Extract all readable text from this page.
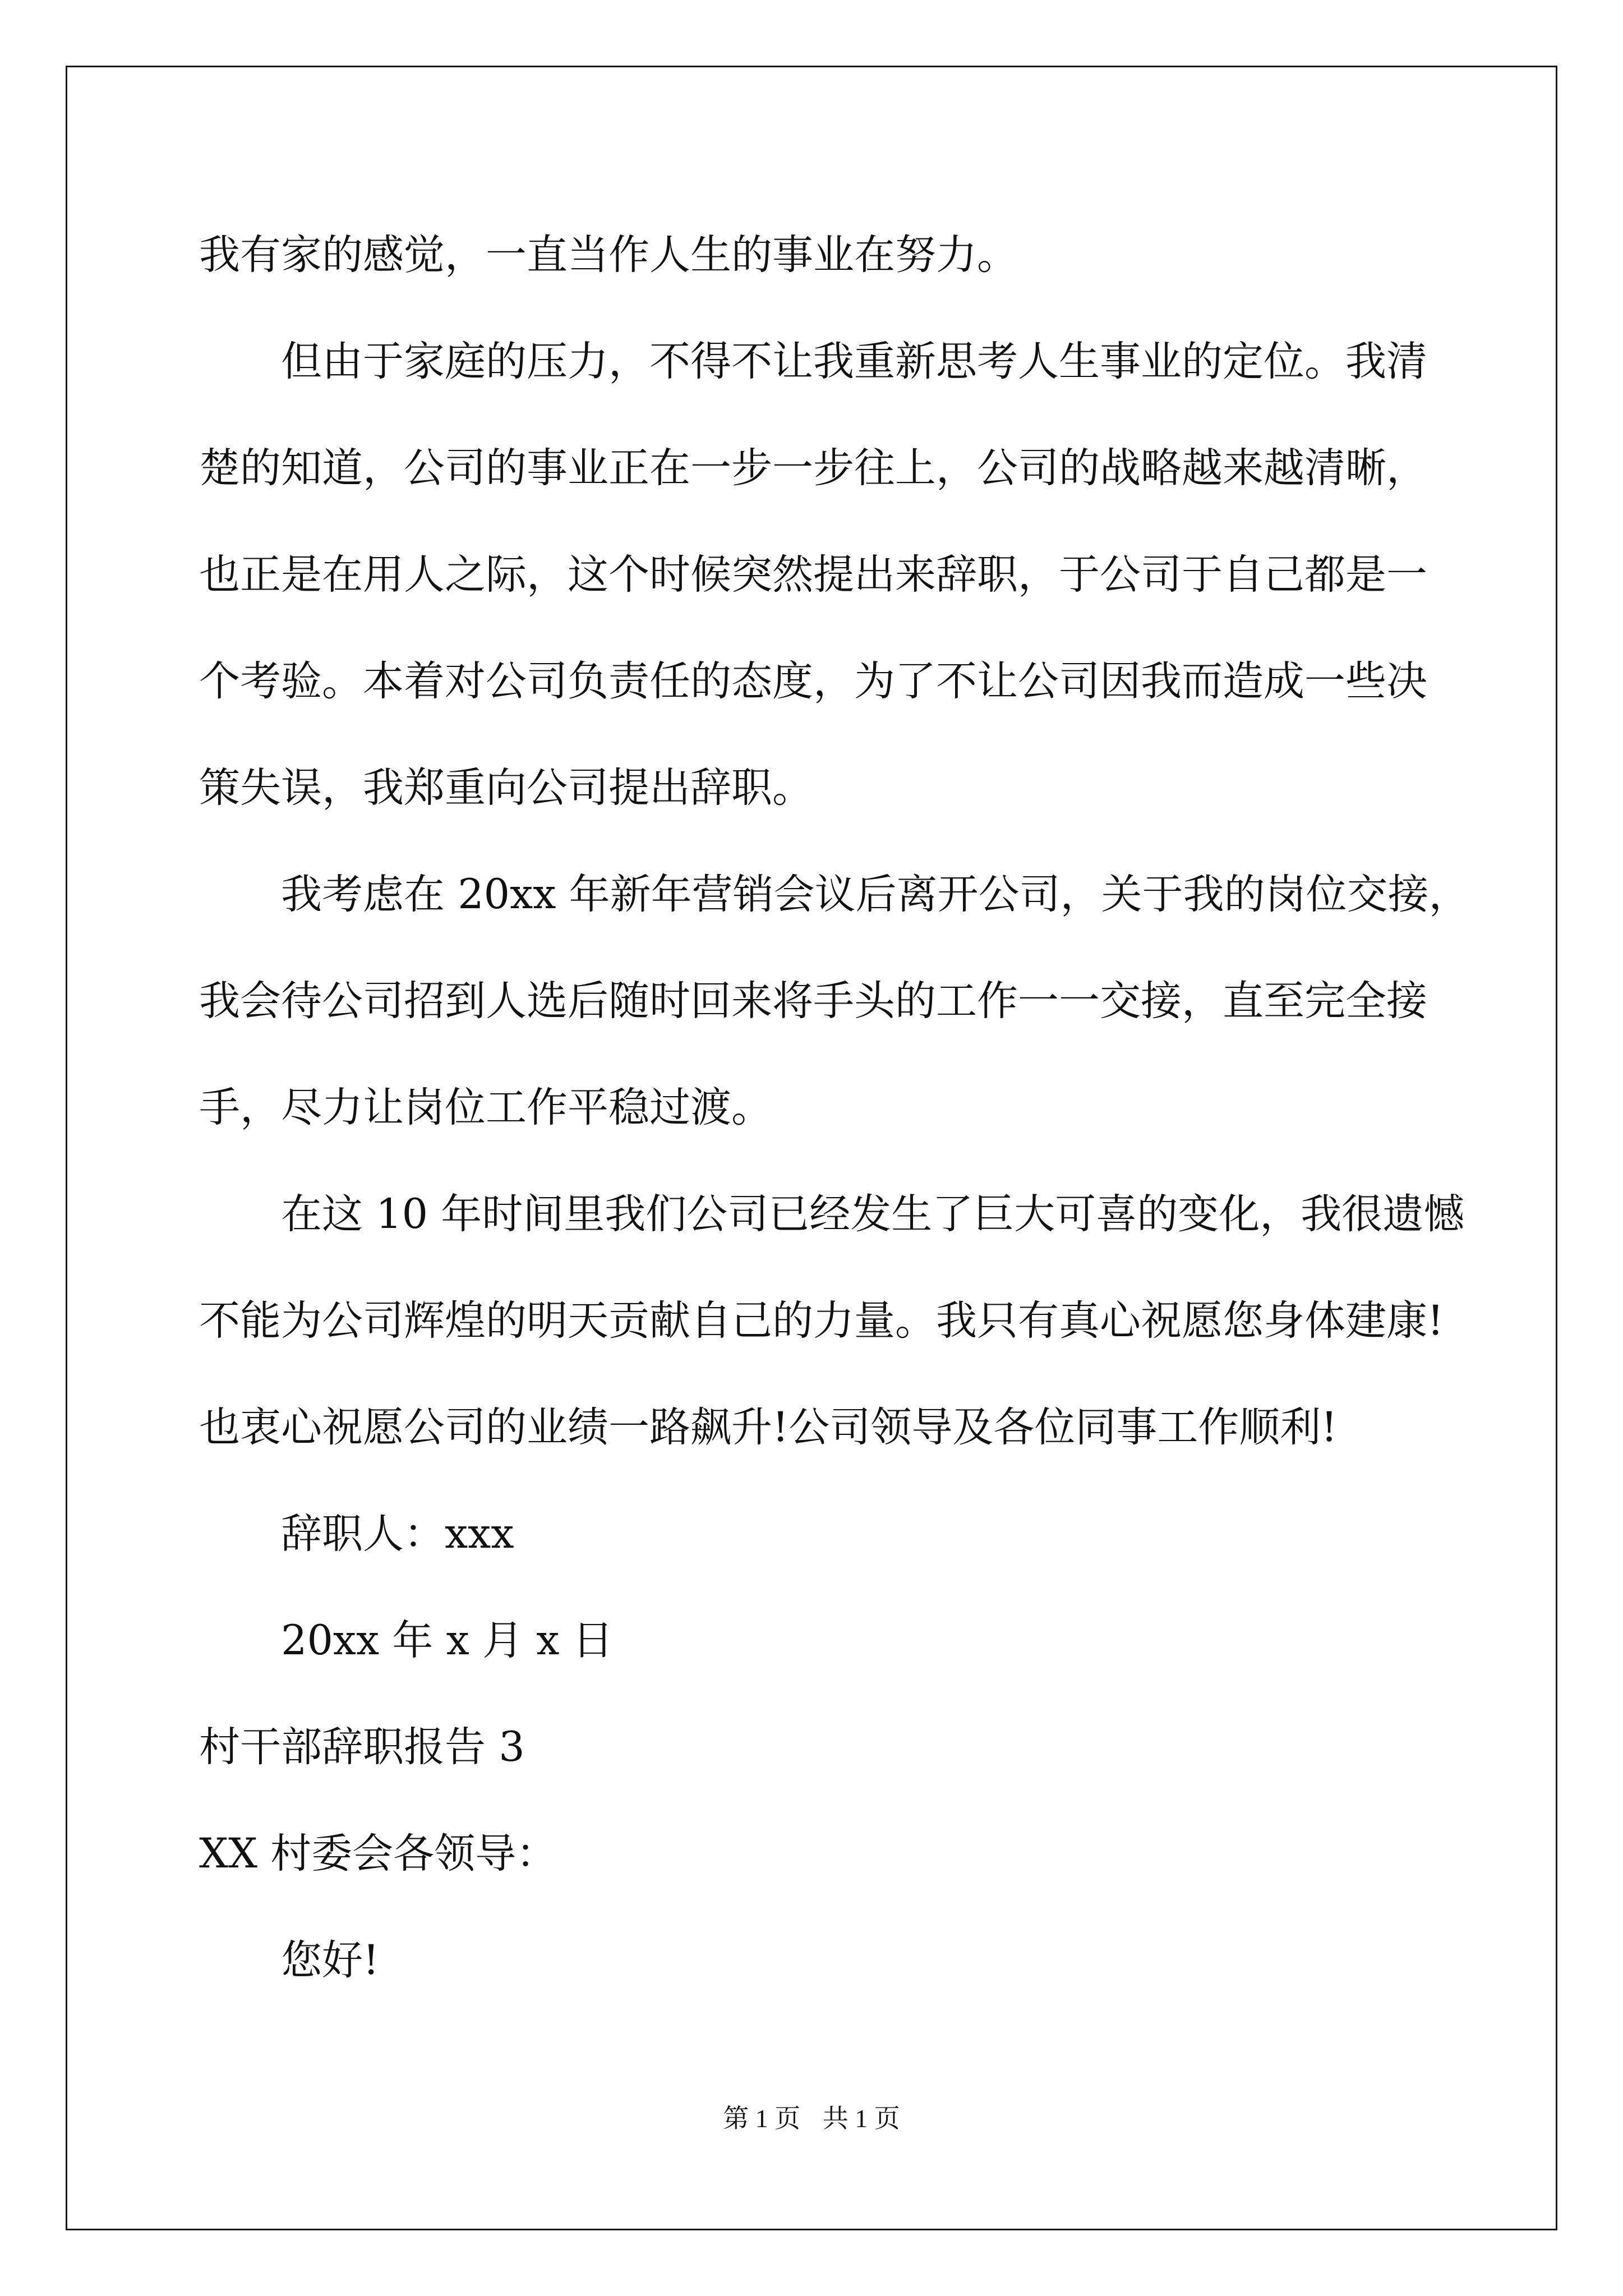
我有家的感觉，一直当作人生的事业在努力。
但由于家庭的压力，不得不让我重新思考人生事业的定位。我清
楚的知道，公司的事业正在一步一步往上，公司的战略越来越清晰，
也正是在用人之际，这个时候突然提出来辞职，于公司于自己都是一
个考验。本着对公司负责任的态度，为了不让公司因我而造成一些决
策失误，我郑重向公司提出辞职。
我考虑在 20xx 年新年营销会议后离开公司，关于我的岗位交接，
我会待公司招到人选后随时回来将手头的工作一一交接，直至完全接
手，尽力让岗位工作平稳过渡。
在这 10 年时间里我们公司已经发生了巨大可喜的变化，我很遗憾
不能为公司辉煌的明天贡献自己的力量。我只有真心祝愿您身体建康!
也衷心祝愿公司的业绩一路飙升!公司领导及各位同事工作顺利!
辞职人：xxx
20xx 年 x 月 x 日
村干部辞职报告 3
XX 村委会各领导：
您好!
第 1 页 共 1 页
